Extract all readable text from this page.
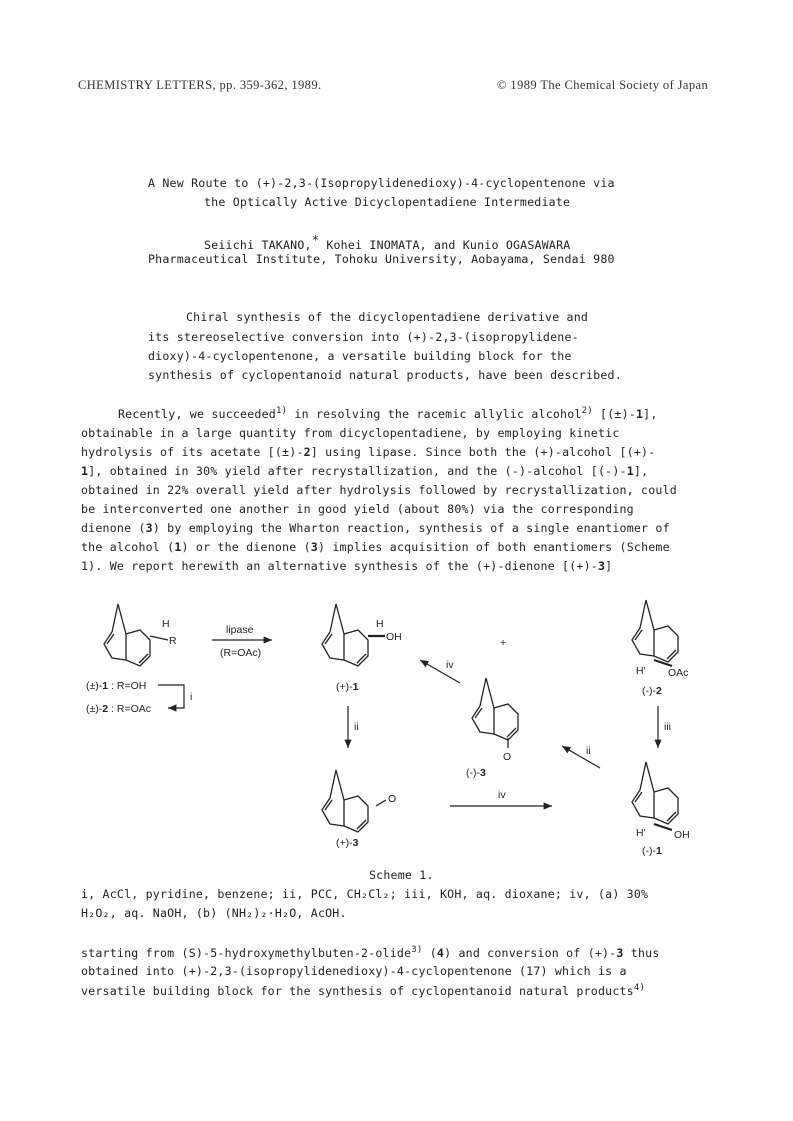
CHEMISTRY LETTERS, pp. 359-362, 1989.	© 1989 The Chemical Society of Japan
A New Route to (+)-2,3-(Isopropylidenedioxy)-4-cyclopentenone via
the Optically Active Dicyclopentadiene Intermediate
Seiichi TAKANO,* Kohei INOMATA, and Kunio OGASAWARA
Pharmaceutical Institute, Tohoku University, Aobayama, Sendai 980
Chiral synthesis of the dicyclopentadiene derivative and
its stereoselective conversion into (+)-2,3-(isopropylidene-
dioxy)-4-cyclopentenone, a versatile building block for the
synthesis of cyclopentanoid natural products, have been described.
Recently, we succeeded$^{1)}$ in resolving the racemic allylic alcohol$^{2)}$ [(±)-1],
obtainable in a large quantity from dicyclopentadiene, by employing kinetic
hydrolysis of its acetate [(±)-2] using lipase. Since both the (+)-alcohol [(+)-
1], obtained in 30% yield after recrystallization, and the (-)-alcohol [(-)-1],
obtained in 22% overall yield after hydrolysis followed by recrystallization, could
be interconverted one another in good yield (about 80%) via the corresponding
dienone (3) by employing the Wharton reaction, synthesis of a single enantiomer of
the alcohol (1) or the dienone (3) implies acquisition of both enantiomers (Scheme
1). We report herewith an alternative synthesis of the (+)-dienone [(+)-3]
H
R
(±)-1 : R=OH
(±)-2 : R=OAc
i
lipase
(R=OAc)
H
OH
(+)-1
+
H' OAc
(-)-2
iv
O
(-)-3
ii	iii
ii
O
(+)-3
iv
H'	OH
(-)-1
Scheme 1.
i, AcCl, pyridine, benzene; ii, PCC, CH₂Cl₂; iii, KOH, aq. dioxane; iv, (a) 30%
H₂O₂, aq. NaOH, (b) (NH₂)₂·H₂O, AcOH.
starting from (S)-5-hydroxymethylbuten-2-olide$^{3)}$ (4) and conversion of (+)-3 thus
obtained into (+)-2,3-(isopropylidenedioxy)-4-cyclopentenone (17) which is a
versatile building block for the synthesis of cyclopentanoid natural products$^{4)}$
